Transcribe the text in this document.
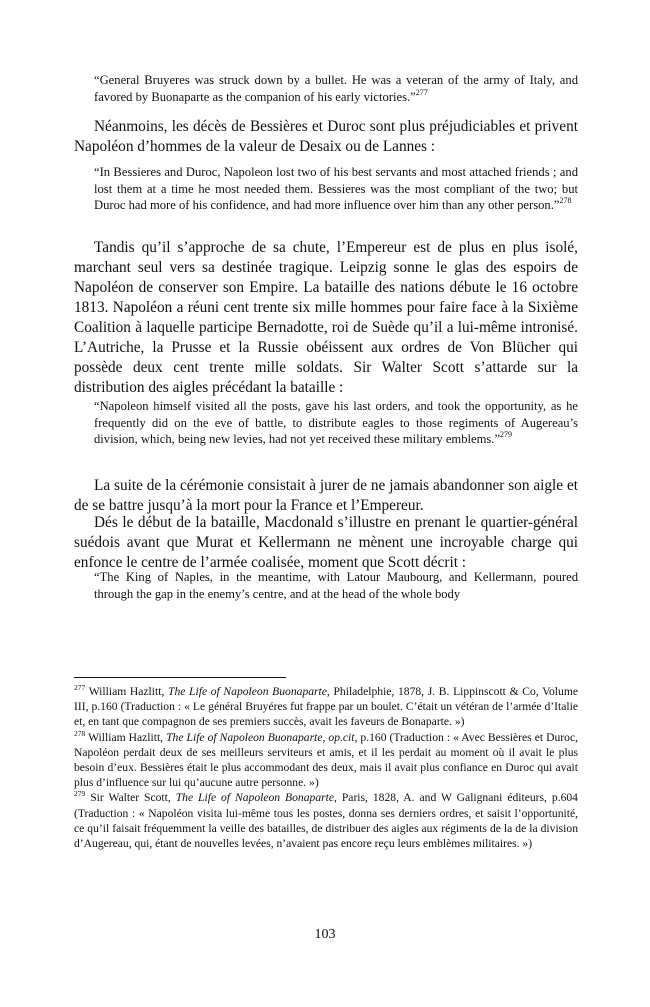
“General Bruyeres was struck down by a bullet. He was a veteran of the army of Italy, and favored by Buonaparte as the companion of his early victories.”$^{277}$

Néanmoins, les décès de Bessières et Duroc sont plus préjudiciables et privent Napoléon d’hommes de la valeur de Desaix ou de Lannes :

“In Bessieres and Duroc, Napoleon lost two of his best servants and most attached friends ; and lost them at a time he most needed them. Bessieres was the most compliant of the two; but Duroc had more of his confidence, and had more influence over him than any other person.”$^{278}$

Tandis qu’il s’approche de sa chute, l’Empereur est de plus en plus isolé, marchant seul vers sa destinée tragique. Leipzig sonne le glas des espoirs de Napoléon de conserver son Empire. La bataille des nations débute le 16 octobre 1813. Napoléon a réuni cent trente six mille hommes pour faire face à la Sixième Coalition à laquelle participe Bernadotte, roi de Suède qu’il a lui-même intronisé. L’Autriche, la Prusse et la Russie obéissent aux ordres de Von Blücher qui possède deux cent trente mille soldats. Sir Walter Scott s’attarde sur la distribution des aigles précédant la bataille :

“Napoleon himself visited all the posts, gave his last orders, and took the opportunity, as he frequently did on the eve of battle, to distribute eagles to those regiments of Augereau’s division, which, being new levies, had not yet received these military emblems.”$^{279}$

La suite de la cérémonie consistait à jurer de ne jamais abandonner son aigle et de se battre jusqu’à la mort pour la France et l’Empereur.

Dés le début de la bataille, Macdonald s’illustre en prenant le quartier-général suédois avant que Murat et Kellermann ne mènent une incroyable charge qui enfonce le centre de l’armée coalisée, moment que Scott décrit :

“The King of Naples, in the meantime, with Latour Maubourg, and Kellermann, poured through the gap in the enemy’s centre, and at the head of the whole body

$^{277}$ William Hazlitt, The Life of Napoleon Buonaparte, Philadelphie, 1878, J. B. Lippinscott & Co, Volume III, p.160 (Traduction : « Le général Bruyéres fut frappe par un boulet. C’était un vétéran de l’armée d’Italie et, en tant que compagnon de ses premiers succès, avait les faveurs de Bonaparte. »)

$^{278}$ William Hazlitt, The Life of Napoleon Buonaparte, op.cit, p.160 (Traduction : « Avec Bessières et Duroc, Napoléon perdait deux de ses meilleurs serviteurs et amis, et il les perdait au moment où il avait le plus besoin d’eux. Bessières était le plus accommodant des deux, mais il avait plus confiance en Duroc qui avait plus d’influence sur lui qu’aucune autre personne. »)

$^{279}$ Sir Walter Scott, The Life of Napoleon Bonaparte, Paris, 1828, A. and W Galignani éditeurs, p.604 (Traduction : « Napoléon visita lui-même tous les postes, donna ses derniers ordres, et saisit l’opportunité, ce qu’il faisait fréquemment la veille des batailles, de distribuer des aigles aux régiments de la de la division d’Augereau, qui, étant de nouvelles levées, n’avaient pas encore reçu leurs emblèmes militaires. »)

103
